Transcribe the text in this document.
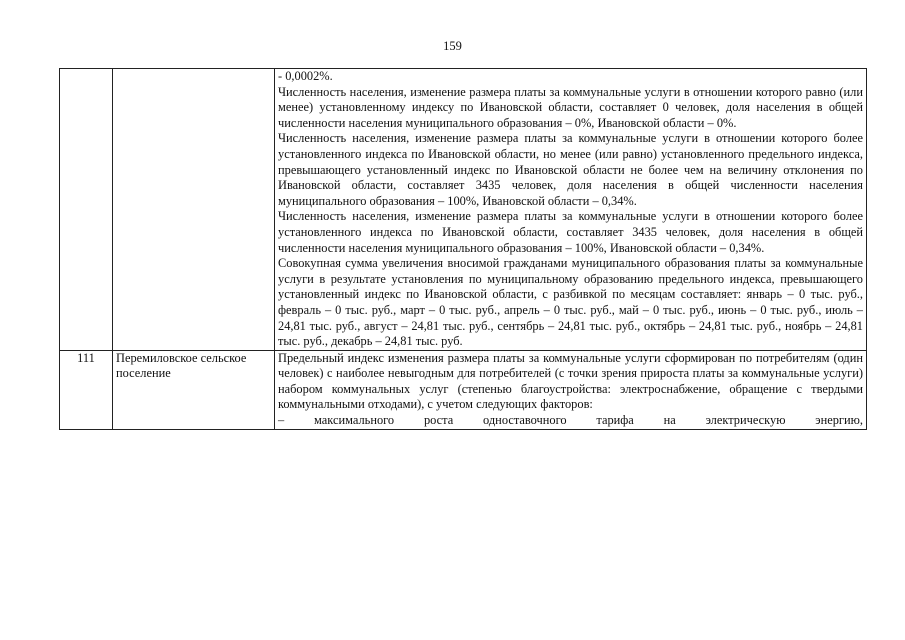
159

		- 0,0002%.

Численность населения, изменение размера платы за коммунальные услуги в отношении которого равно (или менее) установленному индексу по Ивановской области, составляет 0 человек, доля населения в общей численности населения муниципального образования – 0%, Ивановской области – 0%.

Численность населения, изменение размера платы за коммунальные услуги в отношении которого более установленного индекса по Ивановской области, но менее (или равно) установленного предельного индекса, превышающего установленный индекс по Ивановской области не более чем на величину отклонения по Ивановской области, составляет 3435 человек, доля населения в общей численности населения муниципального образования – 100%, Ивановской области – 0,34%.

Численность населения, изменение размера платы за коммунальные услуги в отношении которого более установленного индекса по Ивановской области, составляет 3435 человек, доля населения в общей численности населения муниципального образования – 100%, Ивановской области – 0,34%.

Совокупная сумма увеличения вносимой гражданами муниципального образования платы за коммунальные услуги в результате установления по муниципальному образованию предельного индекса, превышающего установленный индекс по Ивановской области, с разбивкой по месяцам составляет: январь – 0 тыс. руб., февраль – 0 тыс. руб., март – 0 тыс. руб., апрель – 0 тыс. руб., май – 0 тыс. руб., июнь – 0 тыс. руб., июль – 24,81 тыс. руб., август – 24,81 тыс. руб., сентябрь – 24,81 тыс. руб., октябрь – 24,81 тыс. руб., ноябрь – 24,81 тыс. руб., декабрь – 24,81 тыс. руб.

111	Перемиловское сельское поселение	Предельный индекс изменения размера платы за коммунальные услуги сформирован по потребителям (один человек) с наиболее невыгодным для потребителей (с точки зрения прироста платы за коммунальные услуги) набором коммунальных услуг (степенью благоустройства: электроснабжение, обращение с твердыми коммунальными отходами), с учетом следующих факторов:

– максимального роста одноставочного тарифа на электрическую энергию,
